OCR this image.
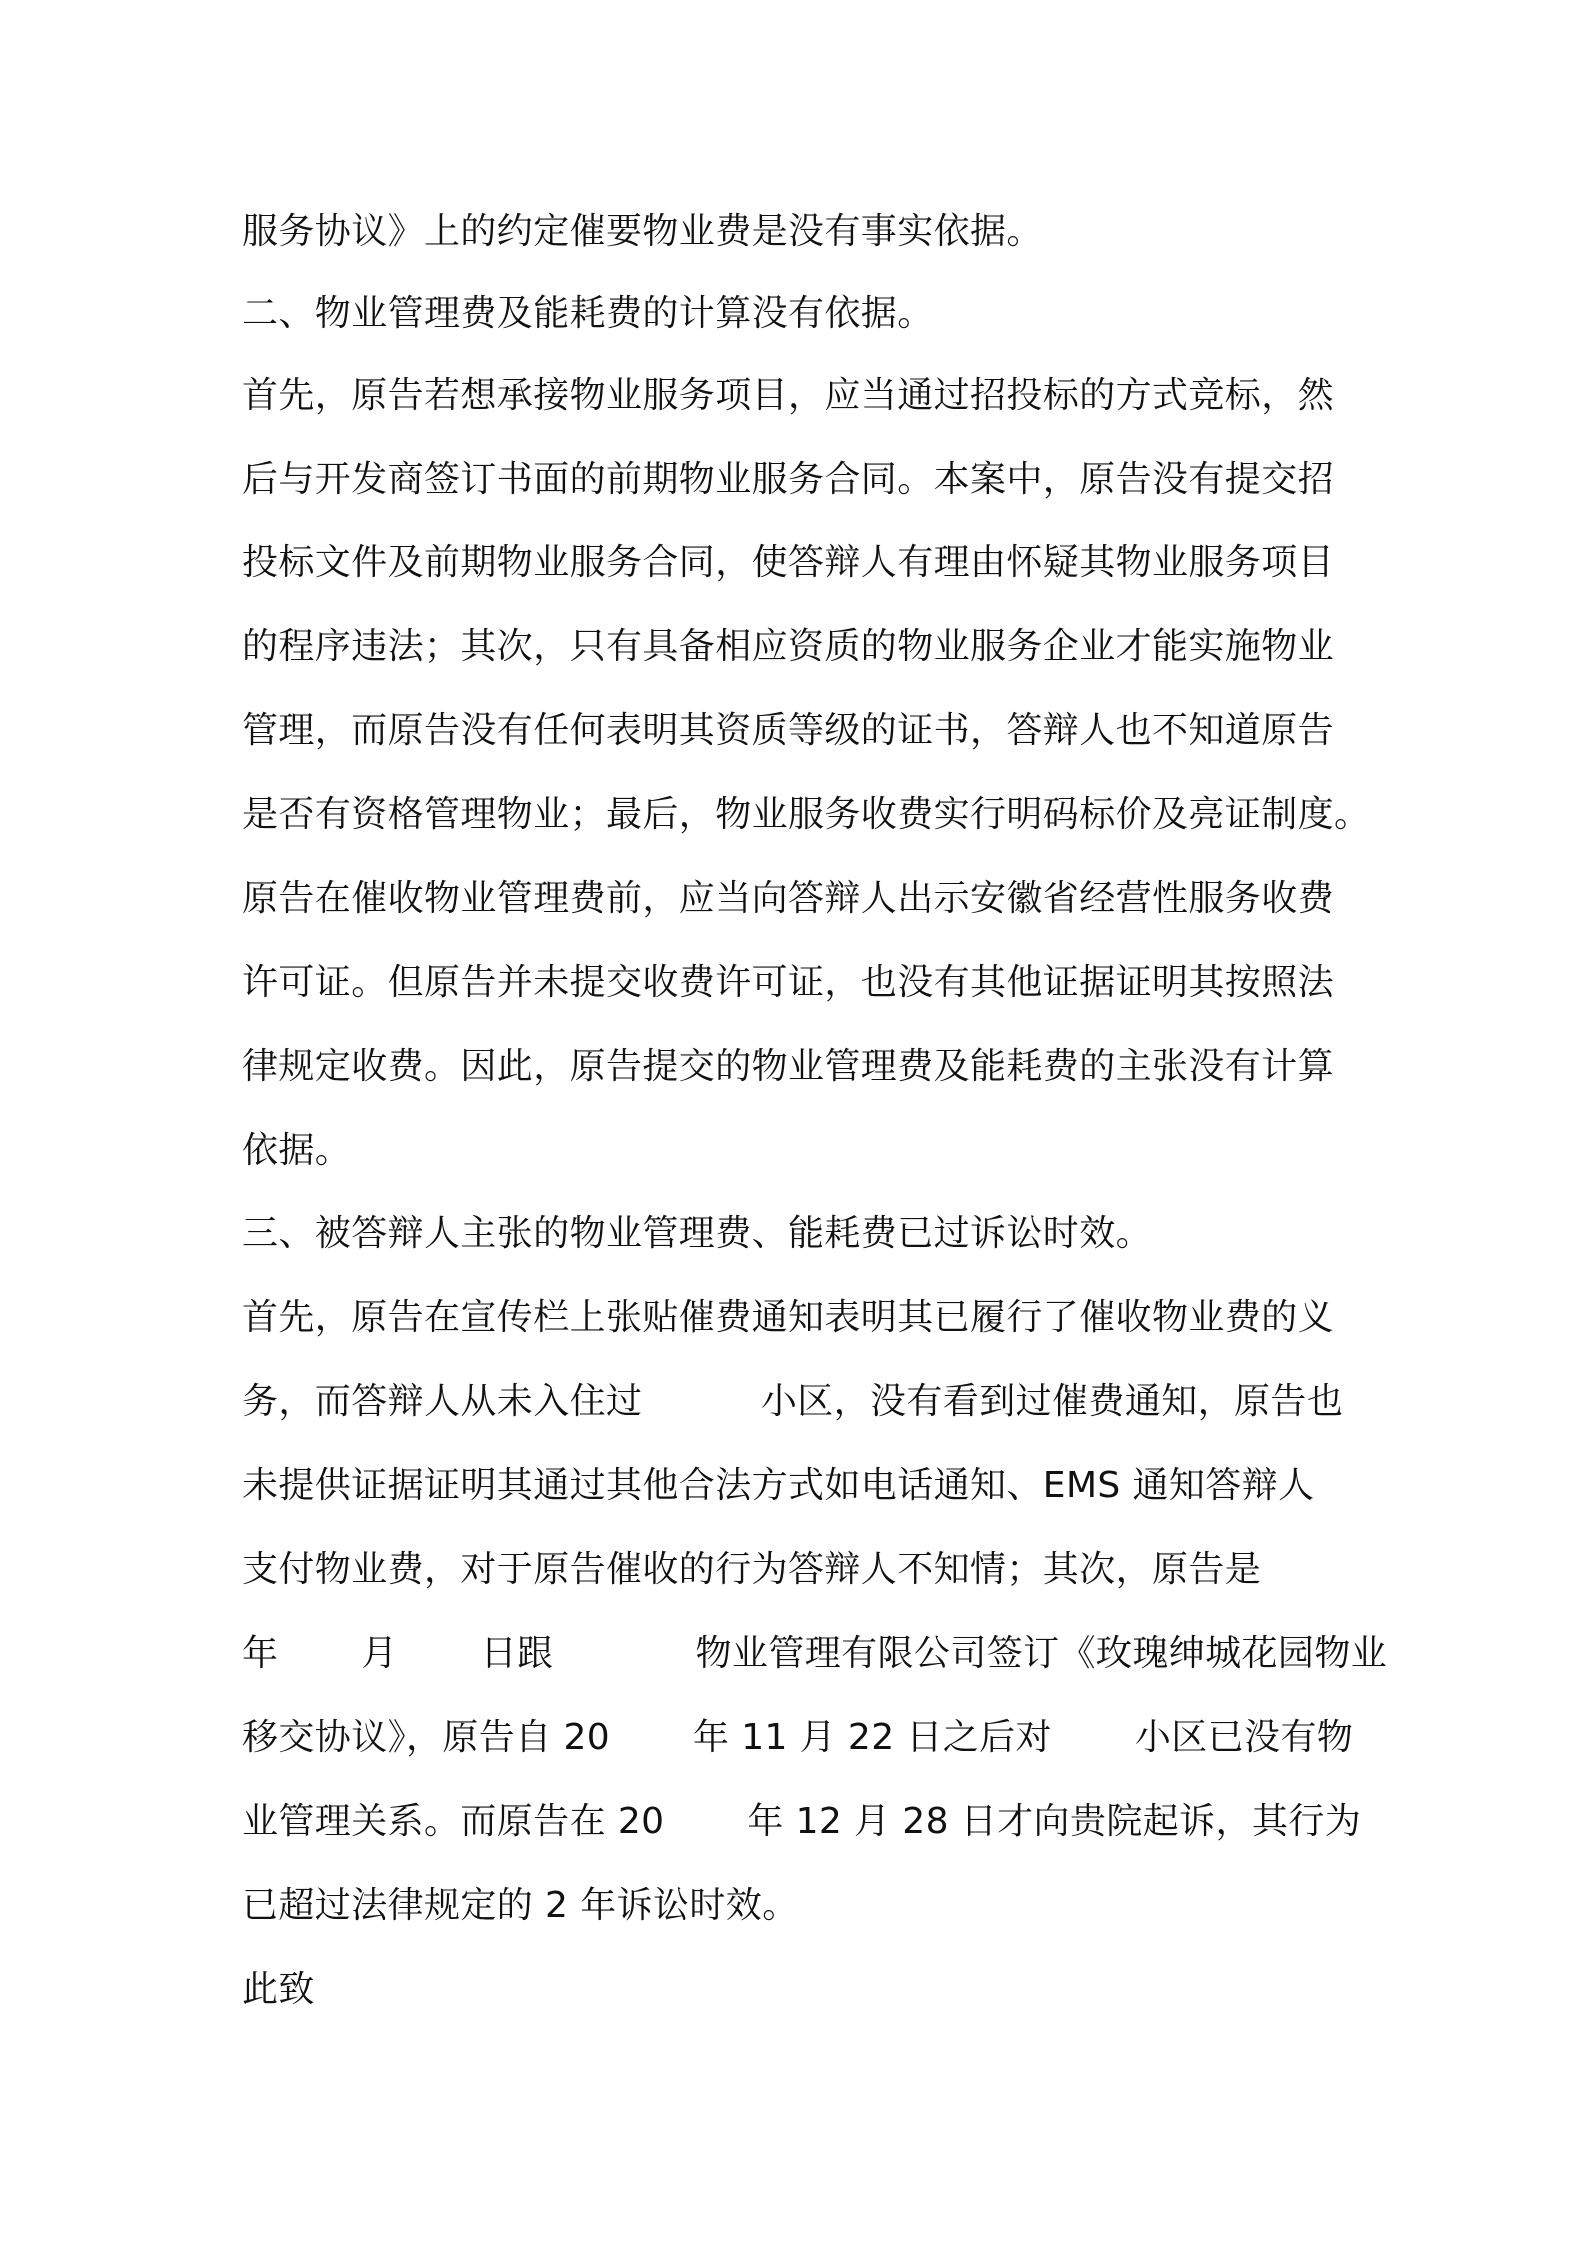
服务协议》上的约定催要物业费是没有事实依据。
二、物业管理费及能耗费的计算没有依据。
首先，原告若想承接物业服务项目，应当通过招投标的方式竞标，然
后与开发商签订书面的前期物业服务合同。本案中，原告没有提交招
投标文件及前期物业服务合同，使答辩人有理由怀疑其物业服务项目
的程序违法；其次，只有具备相应资质的物业服务企业才能实施物业
管理，而原告没有任何表明其资质等级的证书，答辩人也不知道原告
是否有资格管理物业；最后，物业服务收费实行明码标价及亮证制度。
原告在催收物业管理费前，应当向答辩人出示安徽省经营性服务收费
许可证。但原告并未提交收费许可证，也没有其他证据证明其按照法
律规定收费。因此，原告提交的物业管理费及能耗费的主张没有计算
依据。
三、被答辩人主张的物业管理费、能耗费已过诉讼时效。
首先，原告在宣传栏上张贴催费通知表明其已履行了催收物业费的义
务，而答辩人从未入住过          小区，没有看到过催费通知，原告也
未提供证据证明其通过其他合法方式如电话通知、EMS 通知答辩人
支付物业费，对于原告催收的行为答辩人不知情；其次，原告是
年       月       日跟            物业管理有限公司签订《玫瑰绅城花园物业
移交协议》，原告自 20       年 11 月 22 日之后对       小区已没有物
业管理关系。而原告在 20       年 12 月 28 日才向贵院起诉，其行为
已超过法律规定的 2 年诉讼时效。
此致
